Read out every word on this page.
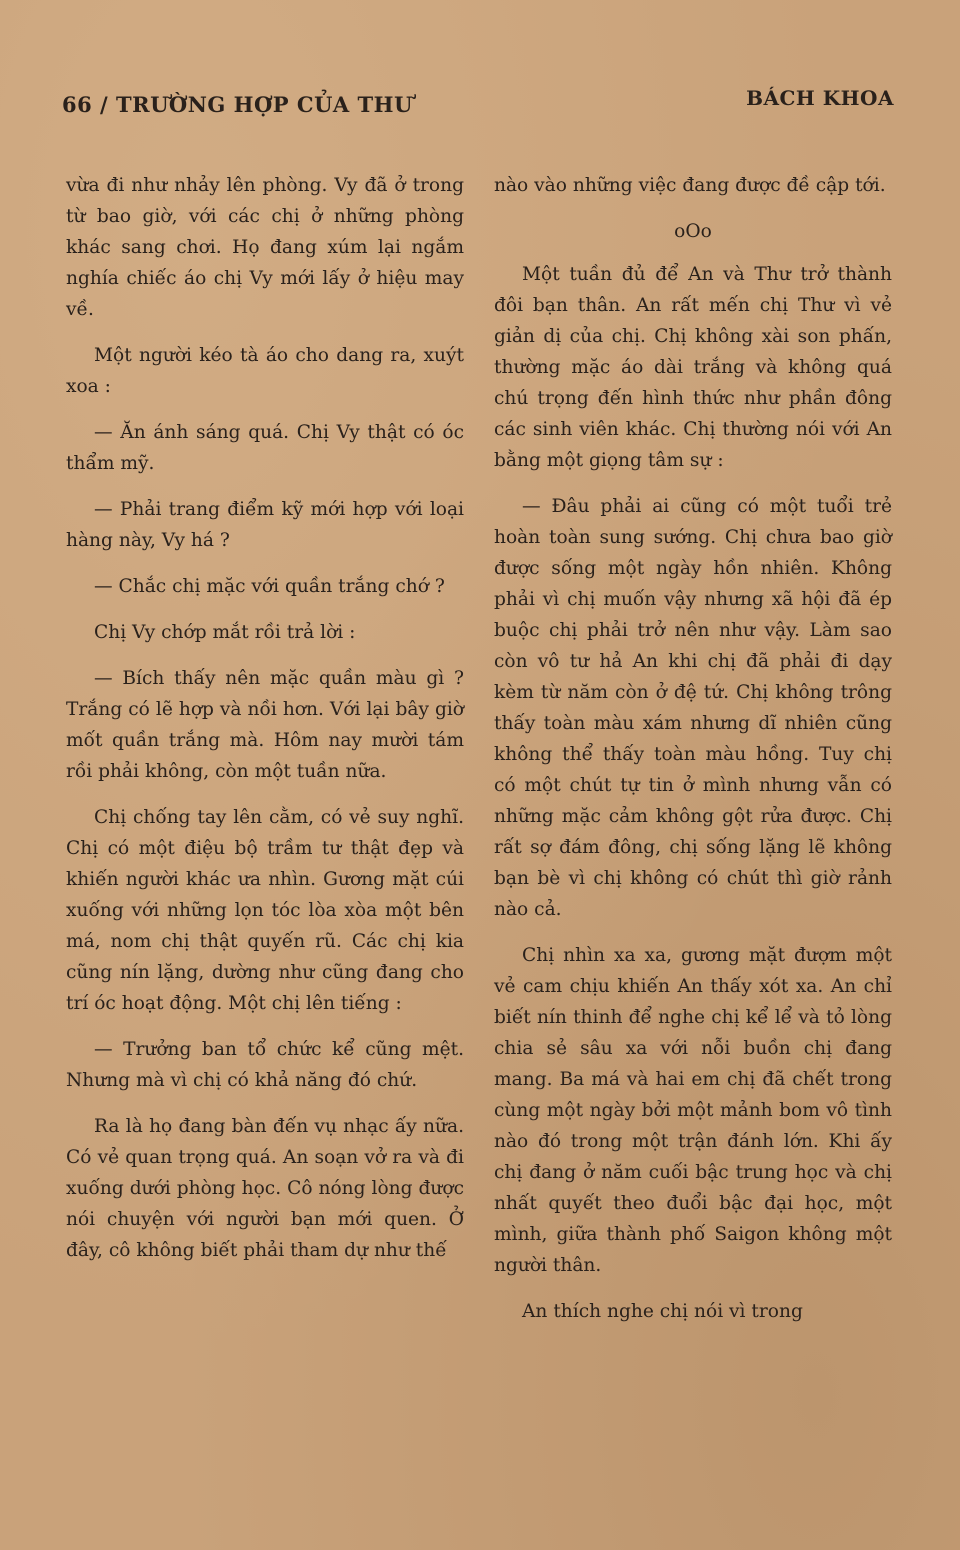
66 / TRƯỜNG HỢP CỦA THƯ	BÁCH KHOA

vừa đi như nhảy lên phòng. Vy đã ở trong từ bao giờ, với các chị ở những phòng khác sang chơi. Họ đang xúm lại ngắm nghía chiếc áo chị Vy mới lấy ở hiệu may về.

Một người kéo tà áo cho dang ra, xuýt xoa :

— Ăn ánh sáng quá. Chị Vy thật có óc thẩm mỹ.

— Phải trang điểm kỹ mới hợp với loại hàng này, Vy há ?

— Chắc chị mặc với quần trắng chớ ?

Chị Vy chớp mắt rồi trả lời :

— Bích thấy nên mặc quần màu gì ? Trắng có lẽ hợp và nồi hơn. Với lại bây giờ mốt quần trắng mà. Hôm nay mười tám rồi phải không, còn một tuần nữa.

Chị chống tay lên cằm, có vẻ suy nghĩ. Chị có một điệu bộ trầm tư thật đẹp và khiến người khác ưa nhìn. Gương mặt cúi xuống với những lọn tóc lòa xòa một bên má, nom chị thật quyến rũ. Các chị kia cũng nín lặng, dường như cũng đang cho trí óc hoạt động. Một chị lên tiếng :

— Trưởng ban tổ chức kể cũng mệt. Nhưng mà vì chị có khả năng đó chứ.

Ra là họ đang bàn đến vụ nhạc ấy nữa. Có vẻ quan trọng quá. An soạn vở ra và đi xuống dưới phòng học. Cô nóng lòng được nói chuyện với người bạn mới quen. Ở đây, cô không biết phải tham dự như thế

nào vào những việc đang được đề cập tới.

oOo

Một tuần đủ để An và Thư trở thành đôi bạn thân. An rất mến chị Thư vì vẻ giản dị của chị. Chị không xài son phấn, thường mặc áo dài trắng và không quá chú trọng đến hình thức như phần đông các sinh viên khác. Chị thường nói với An bằng một giọng tâm sự :

— Đâu phải ai cũng có một tuổi trẻ hoàn toàn sung sướng. Chị chưa bao giờ được sống một ngày hồn nhiên. Không phải vì chị muốn vậy nhưng xã hội đã ép buộc chị phải trở nên như vậy. Làm sao còn vô tư hả An khi chị đã phải đi dạy kèm từ năm còn ở đệ tứ. Chị không trông thấy toàn màu xám nhưng dĩ nhiên cũng không thể thấy toàn màu hồng. Tuy chị có một chút tự tin ở mình nhưng vẫn có những mặc cảm không gột rửa được. Chị rất sợ đám đông, chị sống lặng lẽ không bạn bè vì chị không có chút thì giờ rảnh nào cả.

Chị nhìn xa xa, gương mặt đượm một vẻ cam chịu khiến An thấy xót xa. An chỉ biết nín thinh để nghe chị kể lể và tỏ lòng chia sẻ sâu xa với nỗi buồn chị đang mang. Ba má và hai em chị đã chết trong cùng một ngày bởi một mảnh bom vô tình nào đó trong một trận đánh lớn. Khi ấy chị đang ở năm cuối bậc trung học và chị nhất quyết theo đuổi bậc đại học, một mình, giữa thành phố Saigon không một người thân.

An thích nghe chị nói vì trong
